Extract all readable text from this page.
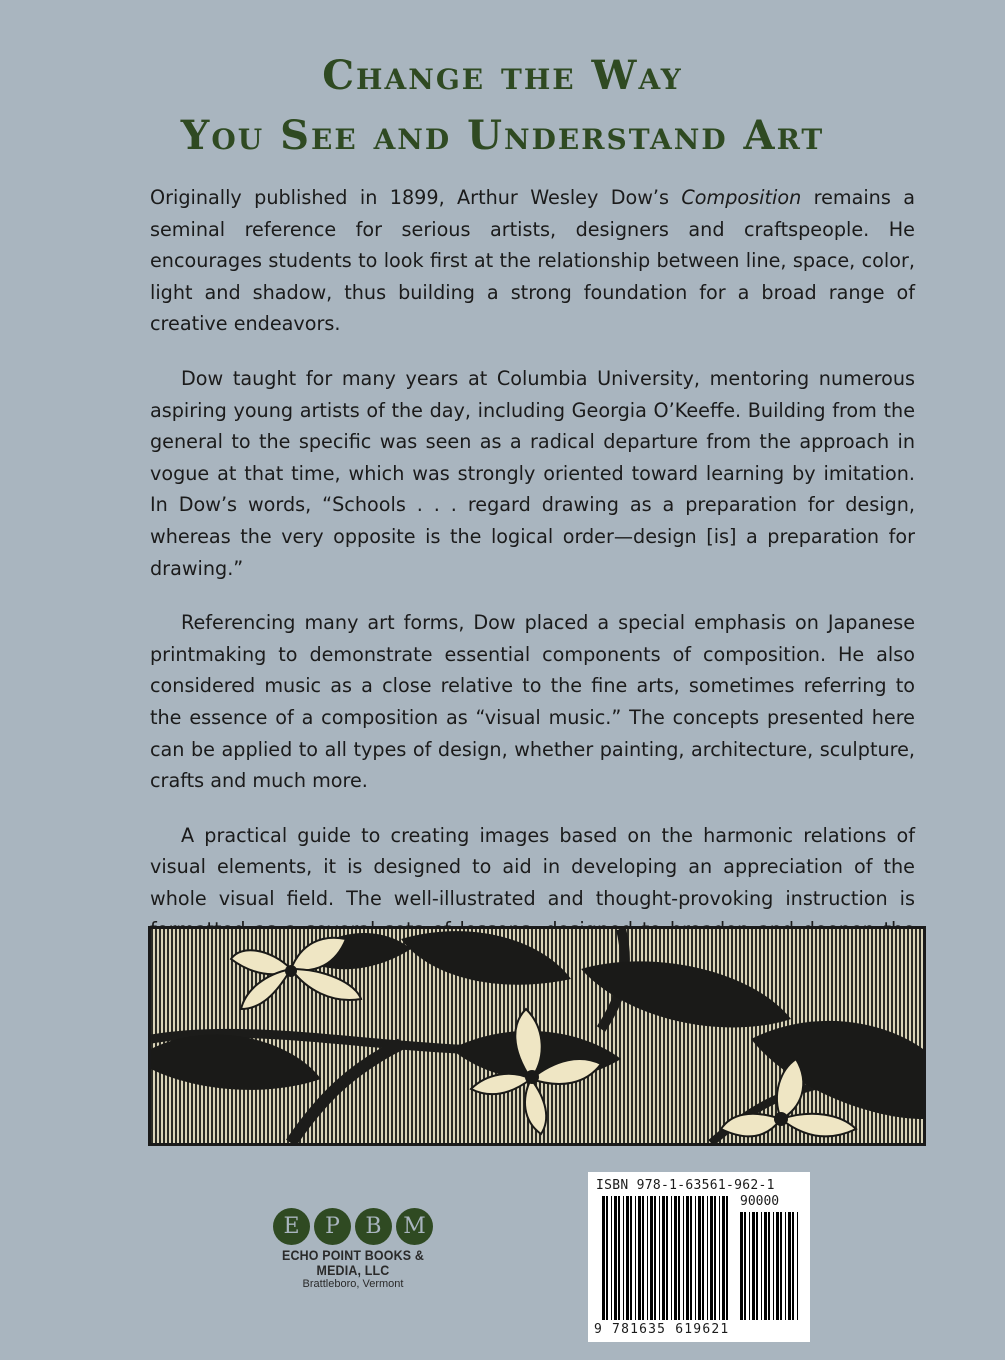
Change the Way
You See and Understand Art

Originally published in 1899, Arthur Wesley Dow’s Composition remains a seminal reference for serious artists, designers and craftspeople. He encourages students to look first at the relationship between line, space, color, light and shadow, thus building a strong foundation for a broad range of creative endeavors.

Dow taught for many years at Columbia University, mentoring numerous aspiring young artists of the day, including Georgia O’Keeffe. Building from the general to the specific was seen as a radical departure from the approach in vogue at that time, which was strongly oriented toward learning by imitation. In Dow’s words, “Schools . . . regard drawing as a preparation for design, whereas the very opposite is the logical order—design [is] a preparation for drawing.”

Referencing many art forms, Dow placed a special emphasis on Japanese printmaking to demonstrate essential components of composition. He also considered music as a close relative to the fine arts, sometimes referring to the essence of a composition as “visual music.” The concepts presented here can be applied to all types of design, whether painting, architecture, sculpture, crafts and much more.

A practical guide to creating images based on the harmonic relations of visual elements, it is designed to aid in developing an appreciation of the whole visual field. The well-illustrated and thought-provoking instruction is

E	P	B M
ECHO POINT BOOKS & MEDIA, LLC
Brattleboro, Vermont
ISBN 978-1-63561-962-1
90000
9 781635 619621
